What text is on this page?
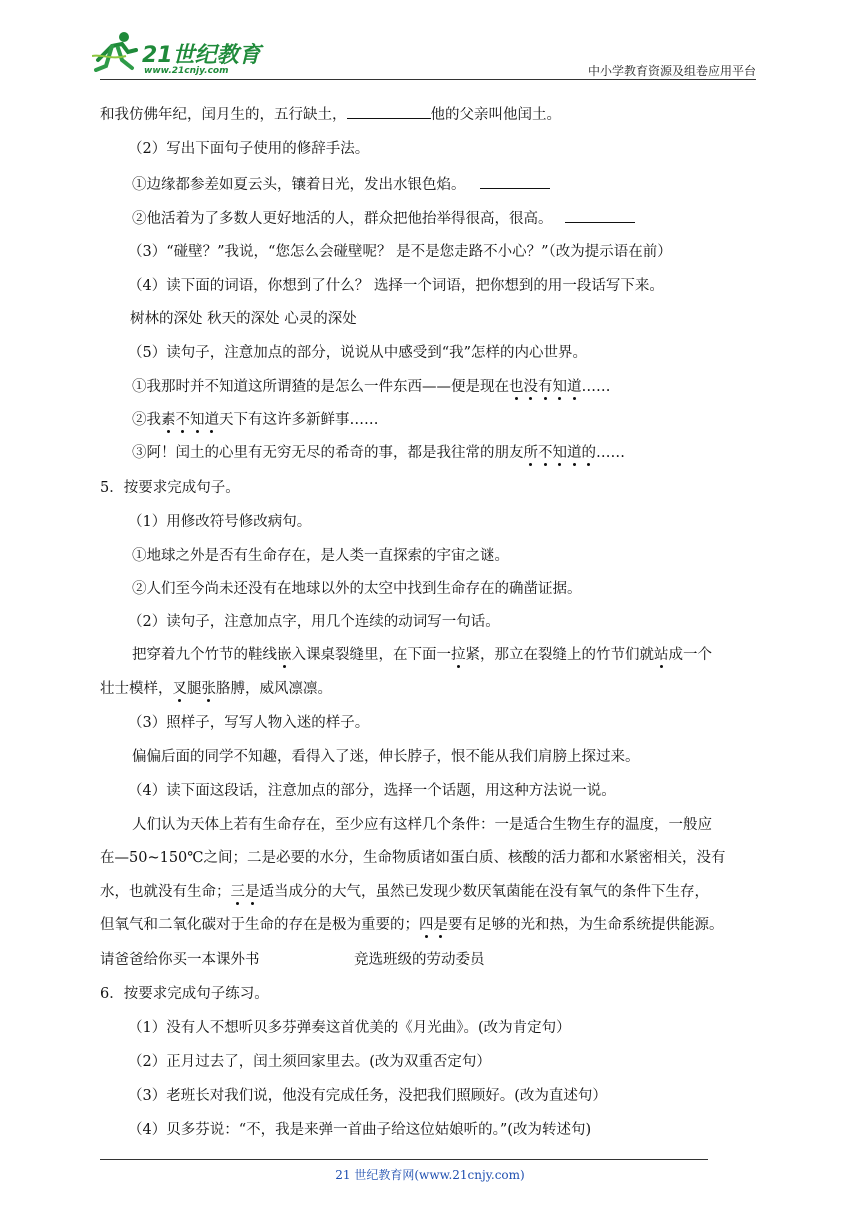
21世纪教育
www.21cnjy.com	中小学教育资源及组卷应用平台
和我仿佛年纪，闰月生的，五行缺土，	他的父亲叫他闰土。
（2）写出下面句子使用的修辞手法。
①边缘都参差如夏云头，镶着日光，发出水银色焰。
②他活着为了多数人更好地活的人，群众把他抬举得很高，很高。
（3）“碰壁？”我说，“您怎么会碰壁呢？ 是不是您走路不小心？”（改为提示语在前）
（4）读下面的词语，你想到了什么？ 选择一个词语，把你想到的用一段话写下来。
树林的深处 秋天的深处 心灵的深处
（5）读句子，注意加点的部分，说说从中感受到“我”怎样的内心世界。
①我那时并不知道这所谓猹的是怎么一件东西——便是现在也没有知道……
②我素不知道天下有这许多新鲜事……
③阿！闰土的心里有无穷无尽的希奇的事，都是我往常的朋友所不知道的……
5．按要求完成句子。
（1）用修改符号修改病句。
①地球之外是否有生命存在，是人类一直探索的宇宙之谜。
②人们至今尚未还没有在地球以外的太空中找到生命存在的确凿证据。
（2）读句子，注意加点字，用几个连续的动词写一句话。
把穿着九个竹节的鞋线嵌入课桌裂缝里，在下面一拉紧，那立在裂缝上的竹节们就站成一个
壮士模样，叉腿张胳膊，威风凛凛。
（3）照样子，写写人物入迷的样子。
偏偏后面的同学不知趣，看得入了迷，伸长脖子，恨不能从我们肩膀上探过来。
（4）读下面这段话，注意加点的部分，选择一个话题，用这种方法说一说。
人们认为天体上若有生命存在，至少应有这样几个条件：一是适合生物生存的温度，一般应
在—50~150℃之间；二是必要的水分，生命物质诸如蛋白质、核酸的活力都和水紧密相关，没有
水，也就没有生命；三是适当成分的大气，虽然已发现少数厌氧菌能在没有氧气的条件下生存，
但氧气和二氧化碳对于生命的存在是极为重要的；四是要有足够的光和热，为生命系统提供能源。
请爸爸给你买一本课外书	竞选班级的劳动委员
6．按要求完成句子练习。
（1）没有人不想听贝多芬弹奏这首优美的《月光曲》。(改为肯定句）
（2）正月过去了，闰土须回家里去。(改为双重否定句）
（3）老班长对我们说，他没有完成任务，没把我们照顾好。(改为直述句）
（4）贝多芬说：“不，我是来弹一首曲子给这位姑娘听的。”(改为转述句)
21 世纪教育网(www.21cnjy.com)
